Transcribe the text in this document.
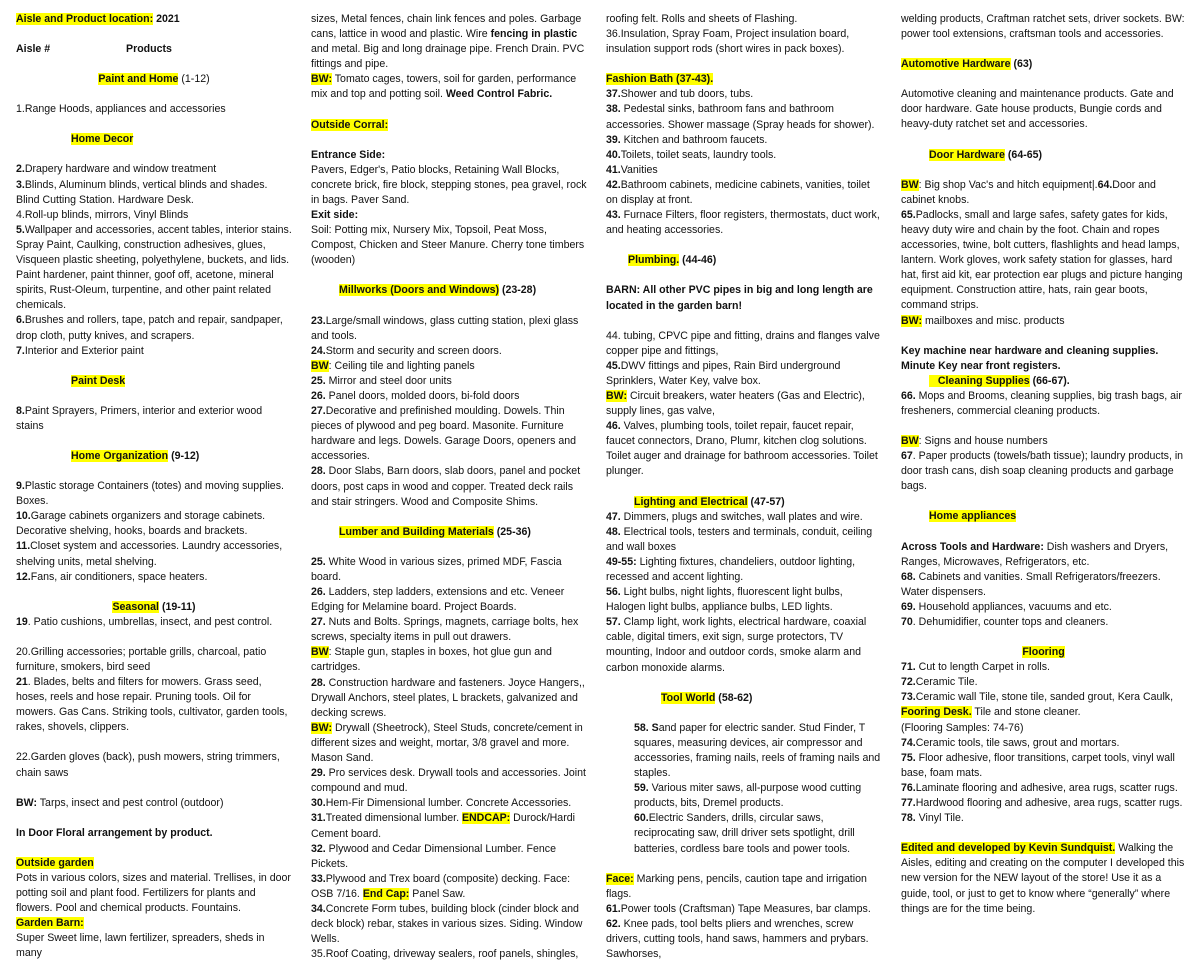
Aisle and Product location: 2021

Aisle #	Products

Paint and Home (1-12)

1.Range Hoods, appliances and accessories

Home Decor

2.Drapery hardware and window treatment

3.Blinds, Aluminum blinds, vertical blinds and shades. Blind Cutting Station. Hardware Desk.

4.Roll-up blinds, mirrors, Vinyl Blinds

5.Wallpaper and accessories, accent tables, interior stains. Spray Paint, Caulking, construction adhesives, glues, Visqueen plastic sheeting, polyethylene, buckets, and lids. Paint hardener, paint thinner, goof off, acetone, mineral spirits, Rust-Oleum, turpentine, and other paint related chemicals.

6.Brushes and rollers, tape, patch and repair, sandpaper, drop cloth, putty knives, and scrapers.

7.Interior and Exterior paint

Paint Desk

8.Paint Sprayers, Primers, interior and exterior wood stains

Home Organization (9-12)

9.Plastic storage Containers (totes) and moving supplies. Boxes.

10.Garage cabinets organizers and storage cabinets. Decorative shelving, hooks, boards and brackets.

11.Closet system and accessories. Laundry accessories, shelving units, metal shelving.

12.Fans, air conditioners, space heaters.

Seasonal (19-11)

19. Patio cushions, umbrellas, insect, and pest control.

20.Grilling accessories; portable grills, charcoal, patio furniture, smokers, bird seed

21. Blades, belts and filters for mowers. Grass seed, hoses, reels and hose repair. Pruning tools. Oil for mowers. Gas Cans. Striking tools, cultivator, garden tools, rakes, shovels, clippers.

22.Garden gloves (back), push mowers, string trimmers, chain saws

BW: Tarps, insect and pest control (outdoor)

In Door Floral arrangement by product.

Outside garden

Pots in various colors, sizes and material. Trellises, in door potting soil and plant food. Fertilizers for plants and flowers. Pool and chemical products. Fountains.

Garden Barn:

Super Sweet lime, lawn fertilizer, spreaders, sheds in many

sizes, Metal fences, chain link fences and poles. Garbage cans, lattice in wood and plastic. Wire fencing in plastic and metal. Big and long drainage pipe. French Drain. PVC fittings and pipe.

BW: Tomato cages, towers, soil for garden, performance mix and top and potting soil. Weed Control Fabric.

Outside Corral:

Entrance Side:

Pavers, Edger's, Patio blocks, Retaining Wall Blocks, concrete brick, fire block, stepping stones, pea gravel, rock in bags. Paver Sand.

Exit side:

Soil: Potting mix, Nursery Mix, Topsoil, Peat Moss, Compost, Chicken and Steer Manure. Cherry tone timbers (wooden)

Millworks (Doors and Windows) (23-28)

23.Large/small windows, glass cutting station, plexi glass and tools.

24.Storm and security and screen doors.

BW: Ceiling tile and lighting panels

25. Mirror and steel door units

26. Panel doors, molded doors, bi-fold doors

27.Decorative and prefinished moulding. Dowels. Thin pieces of plywood and peg board. Masonite. Furniture hardware and legs. Dowels. Garage Doors, openers and accessories.

28. Door Slabs, Barn doors, slab doors, panel and pocket doors, post caps in wood and copper. Treated deck rails and stair stringers. Wood and Composite Shims.

Lumber and Building Materials (25-36)

25. White Wood in various sizes, primed MDF, Fascia board.

26. Ladders, step ladders, extensions and etc. Veneer Edging for Melamine board. Project Boards.

27. Nuts and Bolts. Springs, magnets, carriage bolts, hex screws, specialty items in pull out drawers.

BW: Staple gun, staples in boxes, hot glue gun and cartridges.

28. Construction hardware and fasteners. Joyce Hangers,, Drywall Anchors, steel plates, L brackets, galvanized and decking screws.

BW: Drywall (Sheetrock), Steel Studs, concrete/cement in different sizes and weight, mortar, 3/8 gravel and more. Mason Sand.

29. Pro services desk. Drywall tools and accessories. Joint compound and mud.

30.Hem-Fir Dimensional lumber. Concrete Accessories.

31.Treated dimensional lumber. ENDCAP: Durock/Hardi Cement board.

32. Plywood and Cedar Dimensional Lumber. Fence Pickets.

33.Plywood and Trex board (composite) decking. Face: OSB 7/16. End Cap: Panel Saw.

34.Concrete Form tubes, building block (cinder block and deck block) rebar, stakes in various sizes. Siding. Window Wells.

35.Roof Coating, driveway sealers, roof panels, shingles,

roofing felt. Rolls and sheets of Flashing.

36.Insulation, Spray Foam, Project insulation board, insulation support rods (short wires in pack boxes).

Fashion Bath (37-43).

37.Shower and tub doors, tubs.

38. Pedestal sinks, bathroom fans and bathroom accessories. Shower massage (Spray heads for shower).

39. Kitchen and bathroom faucets.

40.Toilets, toilet seats, laundry tools.

41.Vanities

42.Bathroom cabinets, medicine cabinets, vanities, toilet on display at front.

43. Furnace Filters, floor registers, thermostats, duct work, and heating accessories.

Plumbing. (44-46)

BARN: All other PVC pipes in big and long length are located in the garden barn!

44. tubing, CPVC pipe and fitting, drains and flanges valve copper pipe and fittings,

45.DWV fittings and pipes, Rain Bird underground Sprinklers, Water Key, valve box.

BW: Circuit breakers, water heaters (Gas and Electric), supply lines, gas valve,

46. Valves, plumbing tools, toilet repair, faucet repair, faucet connectors, Drano, Plumr, kitchen clog solutions. Toilet auger and drainage for bathroom accessories. Toilet plunger.

Lighting and Electrical (47-57)

47. Dimmers, plugs and switches, wall plates and wire.

48. Electrical tools, testers and terminals, conduit, ceiling and wall boxes

49-55: Lighting fixtures, chandeliers, outdoor lighting, recessed and accent lighting.

56. Light bulbs, night lights, fluorescent light bulbs, Halogen light bulbs, appliance bulbs, LED lights.

57. Clamp light, work lights, electrical hardware, coaxial cable, digital timers, exit sign, surge protectors, TV mounting, Indoor and outdoor cords, smoke alarm and carbon monoxide alarms.

Tool World (58-62)

58. Sand paper for electric sander. Stud Finder, T squares, measuring devices, air compressor and accessories, framing nails, reels of framing nails and staples.

59. Various miter saws, all-purpose wood cutting products, bits, Dremel products.

60.Electric Sanders, drills, circular saws, reciprocating saw, drill driver sets spotlight, drill batteries, cordless bare tools and power tools.

Face: Marking pens, pencils, caution tape and irrigation flags.

61.Power tools (Craftsman) Tape Measures, bar clamps.

62. Knee pads, tool belts pliers and wrenches, screw drivers, cutting tools, hand saws, hammers and prybars. Sawhorses,

welding products, Craftman ratchet sets, driver sockets. BW: power tool extensions, craftsman tools and accessories.

Automotive Hardware (63)

Automotive cleaning and maintenance products. Gate and door hardware. Gate house products, Bungie cords and heavy-duty ratchet set and accessories.

Door Hardware (64-65)

BW: Big shop Vac's and hitch equipment|.64.Door and cabinet knobs.

65.Padlocks, small and large safes, safety gates for kids, heavy duty wire and chain by the foot. Chain and ropes accessories, twine, bolt cutters, flashlights and head lamps, lantern. Work gloves, work safety station for glasses, hard hat, first aid kit, ear protection ear plugs and picture hanging equipment. Construction attire, hats, rain gear boots, command strips.

BW: mailboxes and misc. products

Key machine near hardware and cleaning supplies. Minute Key near front registers.

Cleaning Supplies (66-67).

66. Mops and Brooms, cleaning supplies, big trash bags, air fresheners, commercial cleaning products.

BW: Signs and house numbers

67. Paper products (towels/bath tissue); laundry products, in door trash cans, dish soap cleaning products and garbage bags.

Home appliances

Across Tools and Hardware: Dish washers and Dryers, Ranges, Microwaves, Refrigerators, etc.

68. Cabinets and vanities. Small Refrigerators/freezers. Water dispensers.

69. Household appliances, vacuums and etc.

70. Dehumidifier, counter tops and cleaners.

Flooring

71. Cut to length Carpet in rolls.

72.Ceramic Tile.

73.Ceramic wall Tile, stone tile, sanded grout, Kera Caulk,

Fooring Desk. Tile and stone cleaner.

(Flooring Samples: 74-76)

74.Ceramic tools, tile saws, grout and mortars.

75. Floor adhesive, floor transitions, carpet tools, vinyl wall base, foam mats.

76.Laminate flooring and adhesive, area rugs, scatter rugs.

77.Hardwood flooring and adhesive, area rugs, scatter rugs.

78. Vinyl Tile.

Edited and developed by Kevin Sundquist. Walking the Aisles, editing and creating on the computer I developed this new version for the NEW layout of the store! Use it as a guide, tool, or just to get to know where “generally” where things are for the time being.
